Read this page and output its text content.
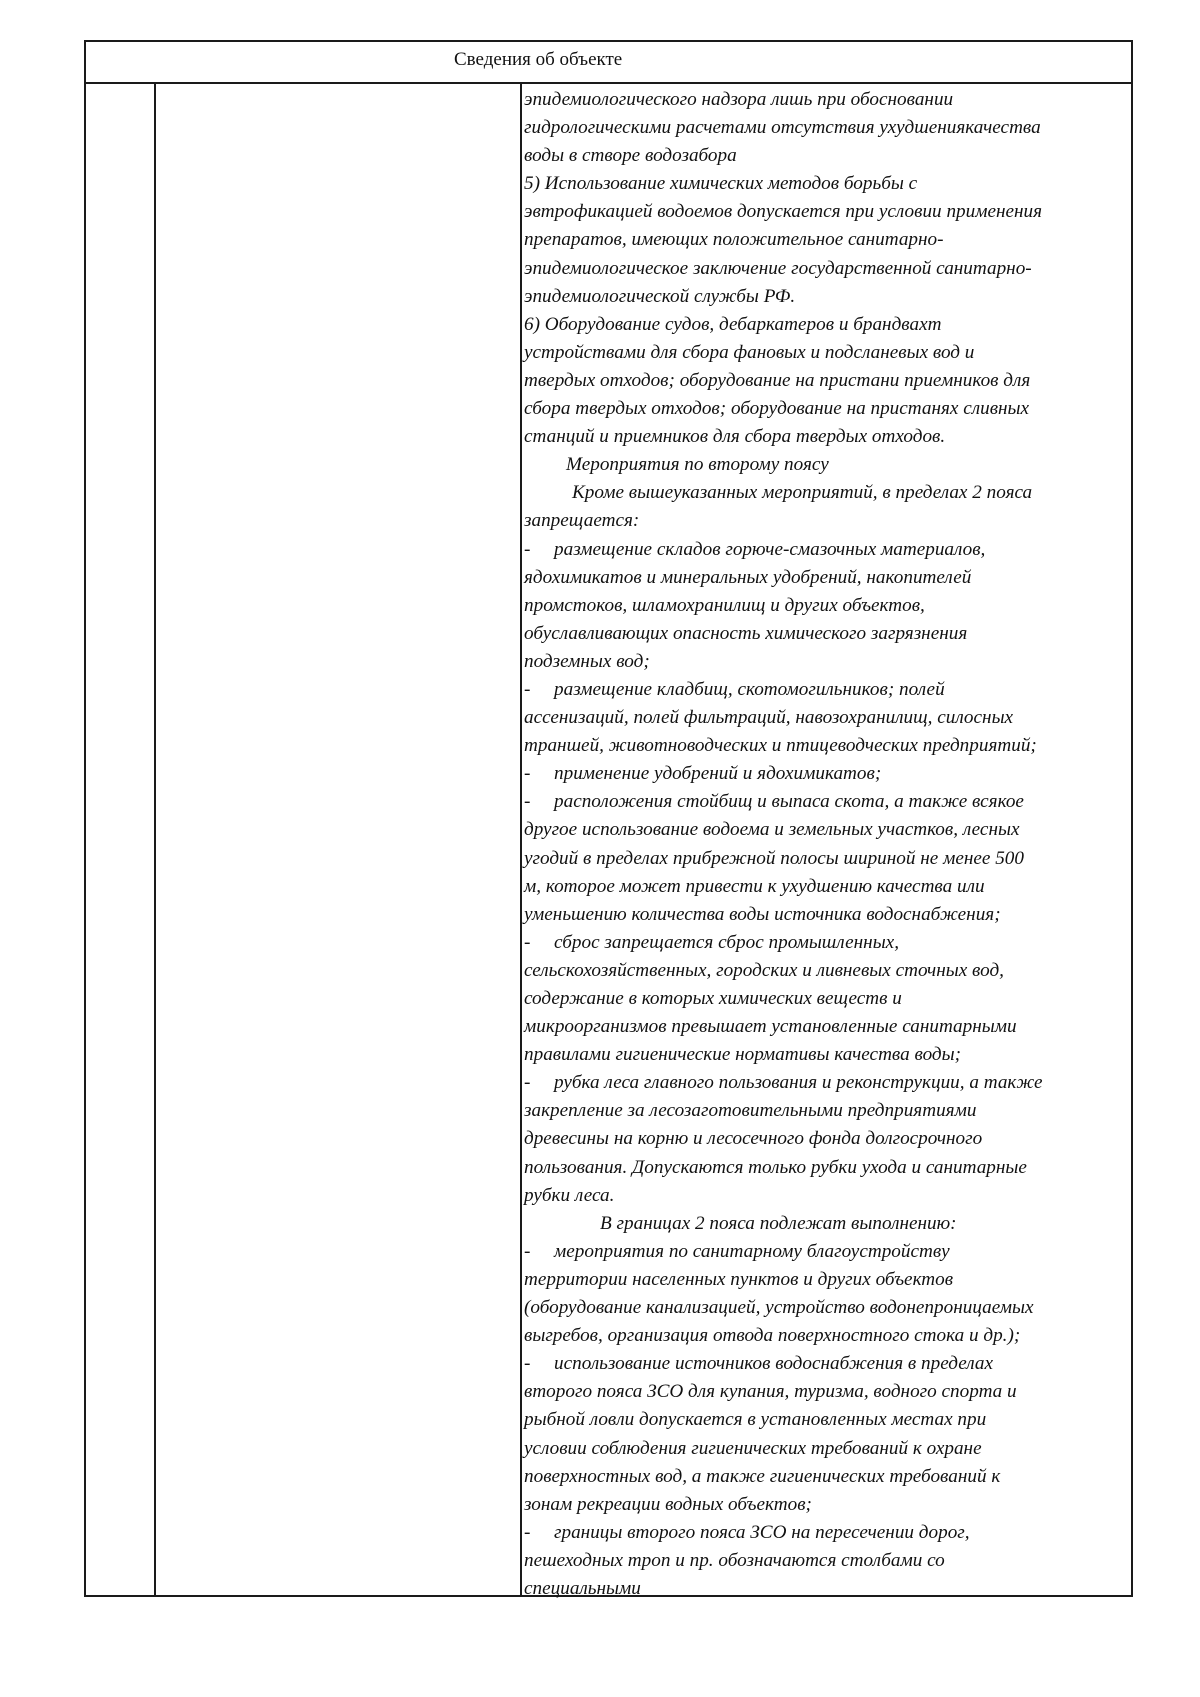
Сведения об объекте
эпидемиологического надзора лишь при обосновании
гидрологическими расчетами отсутствия ухудшениякачества
воды в створе водозабора
5) Использование химических методов борьбы с
эвтрофикацией водоемов допускается при условии применения
препаратов, имеющих положительное санитарно-
эпидемиологическое заключение государственной санитарно-
эпидемиологической службы РФ.
6) Оборудование судов, дебаркатеров и брандвахт
устройствами для сбора фановых и подсланевых вод и
твердых отходов; оборудование на пристани приемников для
сбора твердых отходов; оборудование на пристанях сливных
станций и приемников для сбора твердых отходов.
Мероприятия по второму поясу
Кроме вышеуказанных мероприятий, в пределах 2 пояса
запрещается:
- размещение складов горюче-смазочных материалов,
ядохимикатов и минеральных удобрений, накопителей
промстоков, шламохранилищ и других объектов,
обуславливающих опасность химического загрязнения
подземных вод;
- размещение кладбищ, скотомогильников; полей
ассенизаций, полей фильтраций, навозохранилищ, силосных
траншей, животноводческих и птицеводческих предприятий;
- применение удобрений и ядохимикатов;
- расположения стойбищ и выпаса скота, а также всякое
другое использование водоема и земельных участков, лесных
угодий в пределах прибрежной полосы шириной не менее 500
м, которое может привести к ухудшению качества или
уменьшению количества воды источника водоснабжения;
- сброс запрещается сброс промышленных,
сельскохозяйственных, городских и ливневых сточных вод,
содержание в которых химических веществ и
микроорганизмов превышает установленные санитарными
правилами гигиенические нормативы качества воды;
- рубка леса главного пользования и реконструкции, а также
закрепление за лесозаготовительными предприятиями
древесины на корню и лесосечного фонда долгосрочного
пользования. Допускаются только рубки ухода и санитарные
рубки леса.
В границах 2 пояса подлежат выполнению:
- мероприятия по санитарному благоустройству
территории населенных пунктов и других объектов
(оборудование канализацией, устройство водонепроницаемых
выгребов, организация отвода поверхностного стока и др.);
- использование источников водоснабжения в пределах
второго пояса ЗСО для купания, туризма, водного спорта и
рыбной ловли допускается в установленных местах при
условии соблюдения гигиенических требований к охране
поверхностных вод, а также гигиенических требований к
зонам рекреации водных объектов;
- границы второго пояса ЗСО на пересечении дорог,
пешеходных троп и пр. обозначаются столбами со
специальными
